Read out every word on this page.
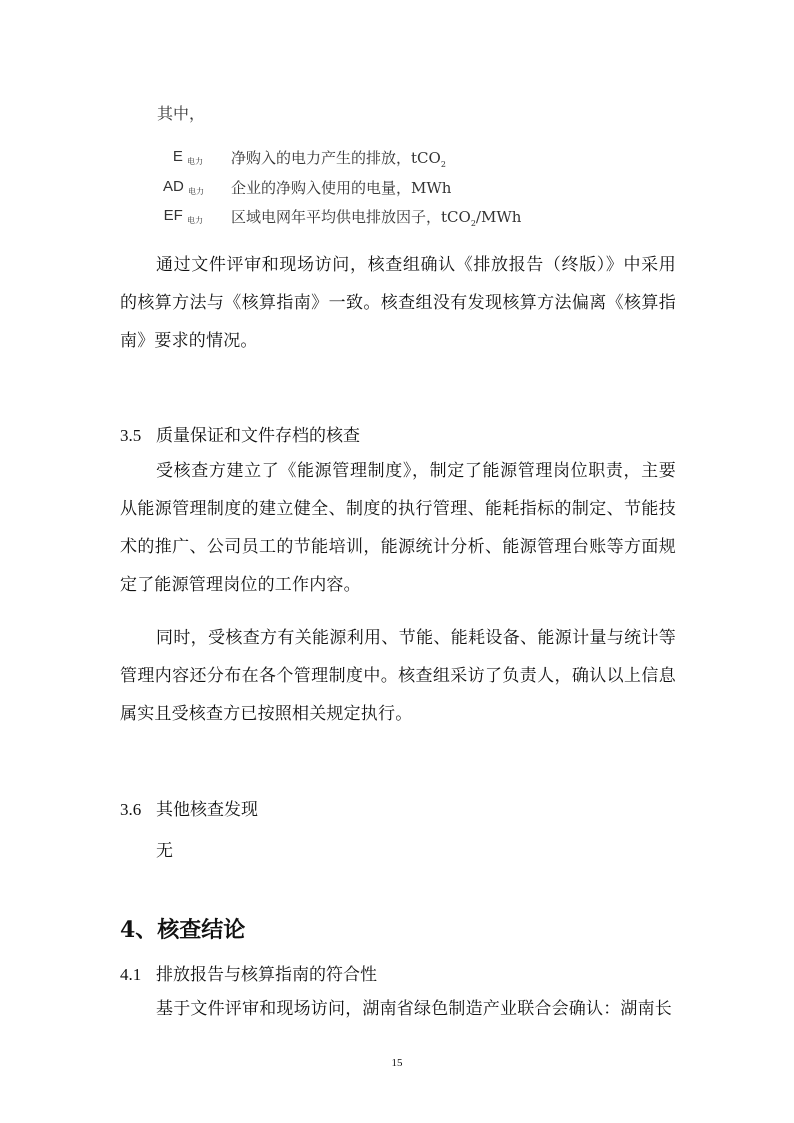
其中，
E $_{电力}$ 净购入的电力产生的排放，tCO$_2$
AD $_{电力}$ 企业的净购入使用的电量，MWh
EF $_{电力}$ 区域电网年平均供电排放因子，tCO$_2$/MWh

通过文件评审和现场访问，核查组确认《排放报告（终版）》中采用的核算方法与《核算指南》一致。核查组没有发现核算方法偏离《核算指南》要求的情况。

3.5 质量保证和文件存档的核查

受核查方建立了《能源管理制度》，制定了能源管理岗位职责，主要从能源管理制度的建立健全、制度的执行管理、能耗指标的制定、节能技术的推广、公司员工的节能培训，能源统计分析、能源管理台账等方面规定了能源管理岗位的工作内容。

同时，受核查方有关能源利用、节能、能耗设备、能源计量与统计等管理内容还分布在各个管理制度中。核查组采访了负责人，确认以上信息属实且受核查方已按照相关规定执行。

3.6 其他核查发现
无
4、核查结论
4.1 排放报告与核算指南的符合性

基于文件评审和现场访问，湖南省绿色制造产业联合会确认：湖南长

15
